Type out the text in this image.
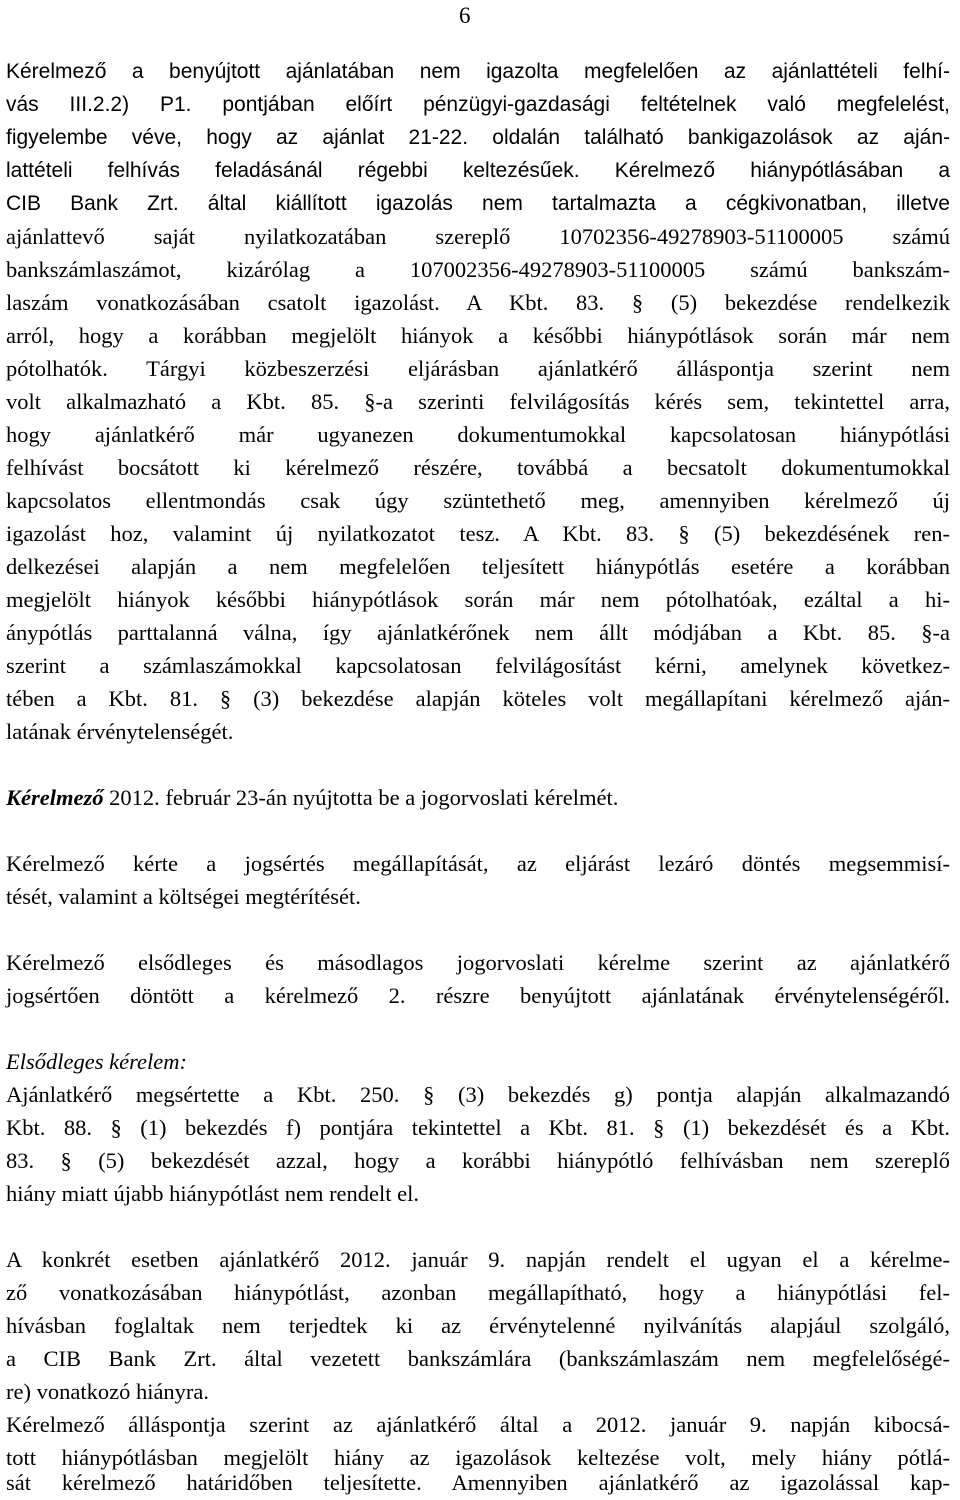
6
Kérelmező a benyújtott ajánlatában nem igazolta megfelelően az ajánlattételi felhí-
vás III.2.2) P1. pontjában előírt pénzügyi-gazdasági feltételnek való megfelelést,
figyelembe véve, hogy az ajánlat 21-22. oldalán található bankigazolások az aján-
lattételi felhívás feladásánál régebbi keltezésűek. Kérelmező hiánypótlásában a
CIB Bank Zrt. által kiállított igazolás nem tartalmazta a cégkivonatban, illetve
ajánlattevő saját nyilatkozatában szereplő 10702356-49278903-51100005 számú
bankszámlaszámot, kizárólag a 107002356-49278903-51100005 számú bankszám-
laszám vonatkozásában csatolt igazolást. A Kbt. 83. § (5) bekezdése rendelkezik
arról, hogy a korábban megjelölt hiányok a későbbi hiánypótlások során már nem
pótolhatók. Tárgyi közbeszerzési eljárásban ajánlatkérő álláspontja szerint nem
volt alkalmazható a Kbt. 85. §-a szerinti felvilágosítás kérés sem, tekintettel arra,
hogy ajánlatkérő már ugyanezen dokumentumokkal kapcsolatosan hiánypótlási
felhívást bocsátott ki kérelmező részére, továbbá a becsatolt dokumentumokkal
kapcsolatos ellentmondás csak úgy szüntethető meg, amennyiben kérelmező új
igazolást hoz, valamint új nyilatkozatot tesz. A Kbt. 83. § (5) bekezdésének ren-
delkezései alapján a nem megfelelően teljesített hiánypótlás esetére a korábban
megjelölt hiányok későbbi hiánypótlások során már nem pótolhatóak, ezáltal a hi-
ánypótlás parttalanná válna, így ajánlatkérőnek nem állt módjában a Kbt. 85. §-a
szerint a számlaszámokkal kapcsolatosan felvilágosítást kérni, amelynek következ-
tében a Kbt. 81. § (3) bekezdése alapján köteles volt megállapítani kérelmező aján-
latának érvénytelenségét.
Kérelmező 2012. február 23-án nyújtotta be a jogorvoslati kérelmét.
Kérelmező kérte a jogsértés megállapítását, az eljárást lezáró döntés megsemmisí-
tését, valamint a költségei megtérítését.
Kérelmező elsődleges és másodlagos jogorvoslati kérelme szerint az ajánlatkérő
jogsértően döntött a kérelmező 2. részre benyújtott ajánlatának érvénytelenségéről.
Elsődleges kérelem:
Ajánlatkérő megsértette a Kbt. 250. § (3) bekezdés g) pontja alapján alkalmazandó
Kbt. 88. § (1) bekezdés f) pontjára tekintettel a Kbt. 81. § (1) bekezdését és a Kbt.
83. § (5) bekezdését azzal, hogy a korábbi hiánypótló felhívásban nem szereplő
hiány miatt újabb hiánypótlást nem rendelt el.
A konkrét esetben ajánlatkérő 2012. január 9. napján rendelt el ugyan el a kérelme-
ző vonatkozásában hiánypótlást, azonban megállapítható, hogy a hiánypótlási fel-
hívásban foglaltak nem terjedtek ki az érvénytelenné nyilvánítás alapjául szolgáló,
a CIB Bank Zrt. által vezetett bankszámlára (bankszámlaszám nem megfelelőségé-
re) vonatkozó hiányra.
Kérelmező álláspontja szerint az ajánlatkérő által a 2012. január 9. napján kibocsá-
tott hiánypótlásban megjelölt hiány az igazolások keltezése volt, mely hiány pótlá-
sát kérelmező határidőben teljesítette. Amennyiben ajánlatkérő az igazolással kap-
